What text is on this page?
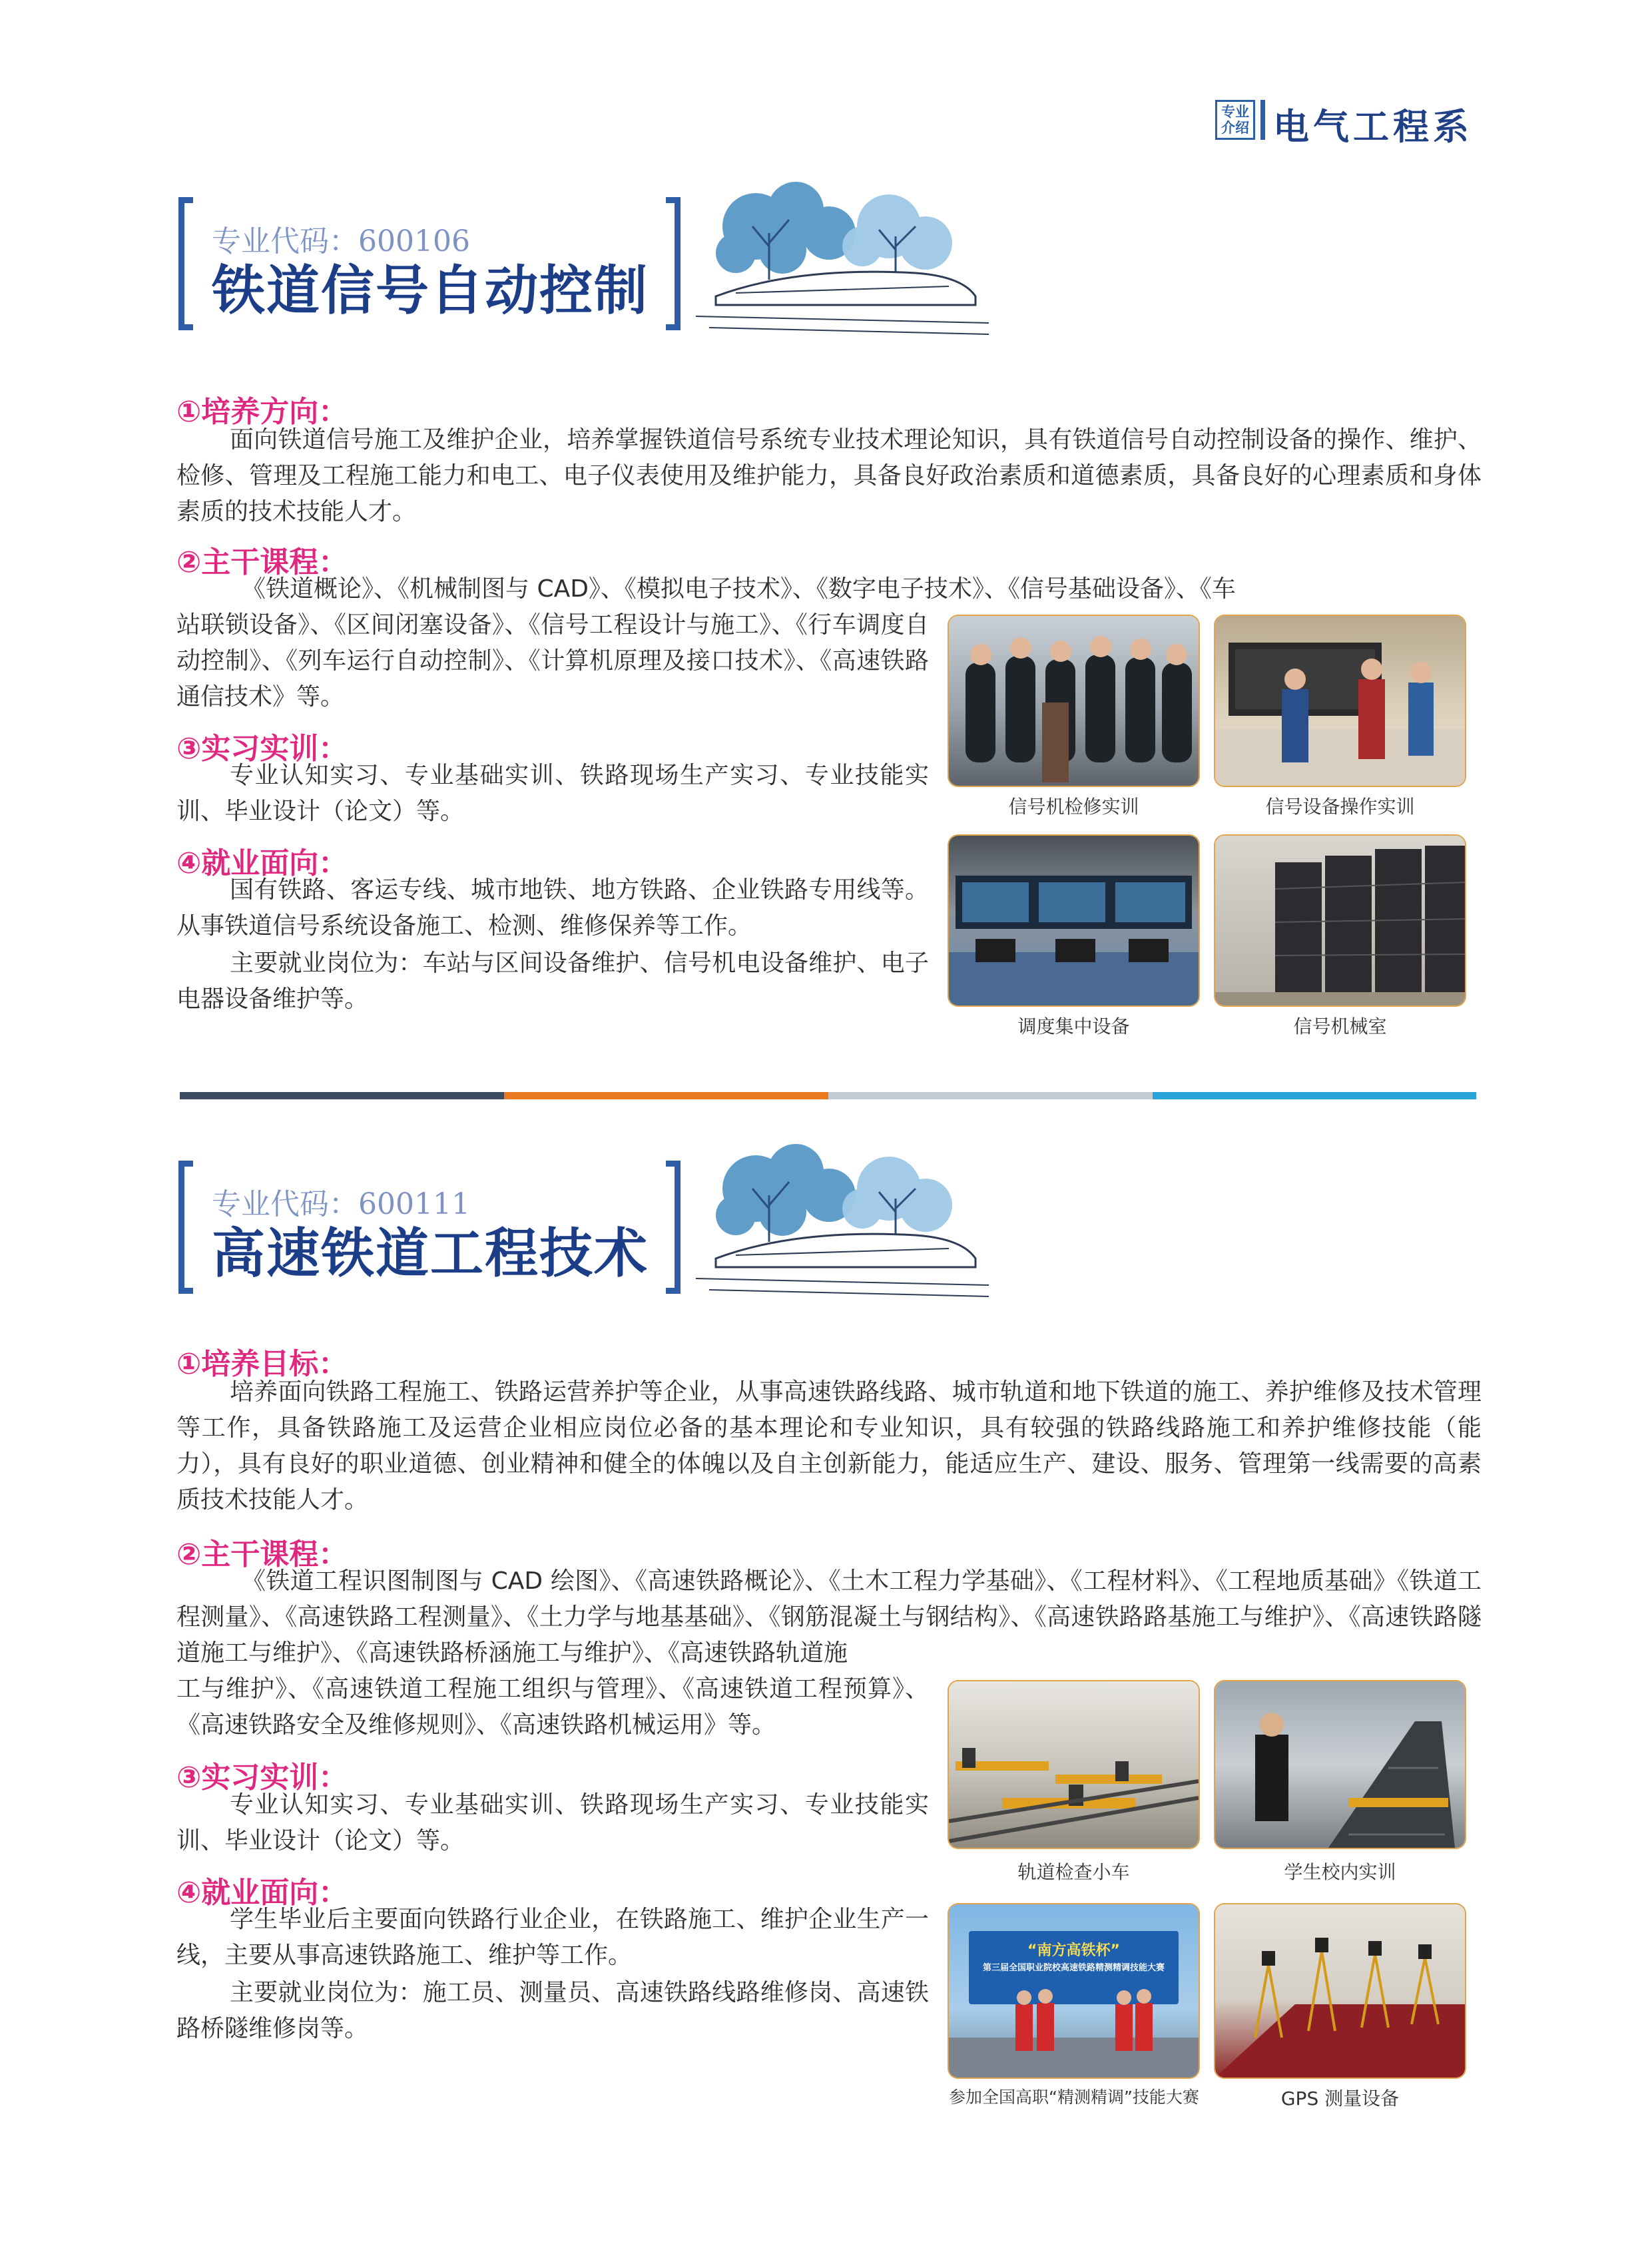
专业
介绍 电气工程系
专业代码：600106
铁道信号自动控制
①培养方向：

面向铁道信号施工及维护企业，培养掌握铁道信号系统专业技术理论知识，具有铁道信号自动控制设备的操作、维护、检修、管理及工程施工能力和电工、电子仪表使用及维护能力，具备良好政治素质和道德素质，具备良好的心理素质和身体素质的技术技能人才。

②主干课程：

《铁道概论》、《机械制图与 CAD》、《模拟电子技术》、《数字电子技术》、《信号基础设备》、《车

站联锁设备》、《区间闭塞设备》、《信号工程设计与施工》、《行车调度自动控制》、《列车运行自动控制》、《计算机原理及接口技术》、《高速铁路通信技术》等。

③实习实训：

专业认知实习、专业基础实训、铁路现场生产实习、专业技能实训、毕业设计（论文）等。

④就业面向：

国有铁路、客运专线、城市地铁、地方铁路、企业铁路专用线等。从事铁道信号系统设备施工、检测、维修保养等工作。

主要就业岗位为：车站与区间设备维护、信号机电设备维护、电子电器设备维护等。

信号机检修实训	信号设备操作实训
调度集中设备	信号机械室
专业代码：600111
高速铁道工程技术
①培养目标：

培养面向铁路工程施工、铁路运营养护等企业，从事高速铁路线路、城市轨道和地下铁道的施工、养护维修及技术管理等工作，具备铁路施工及运营企业相应岗位必备的基本理论和专业知识，具有较强的铁路线路施工和养护维修技能（能力），具有良好的职业道德、创业精神和健全的体魄以及自主创新能力，能适应生产、建设、服务、管理第一线需要的高素质技术技能人才。

②主干课程：

《铁道工程识图制图与 CAD 绘图》、《高速铁路概论》、《土木工程力学基础》、《工程材料》、《工程地质基础》《铁道工程测量》、《高速铁路工程测量》、《土力学与地基基础》、《钢筋混凝土与钢结构》、《高速铁路路基施工与维护》、《高速铁路隧道施工与维护》、《高速铁路桥涵施工与维护》、《高速铁路轨道施

工与维护》、《高速铁道工程施工组织与管理》、《高速铁道工程预算》、《高速铁路安全及维修规则》、《高速铁路机械运用》等。

③实习实训：

专业认知实习、专业基础实训、铁路现场生产实习、专业技能实训、毕业设计（论文）等。

④就业面向：

学生毕业后主要面向铁路行业企业，在铁路施工、维护企业生产一线，主要从事高速铁路施工、维护等工作。

主要就业岗位为：施工员、测量员、高速铁路线路维修岗、高速铁路桥隧维修岗等。

轨道检查小车	学生校内实训
“南方高铁杯”
第三届全国职业院校高速铁路精测精调技能大赛
参加全国高职“精测精调”技能大赛	GPS 测量设备
